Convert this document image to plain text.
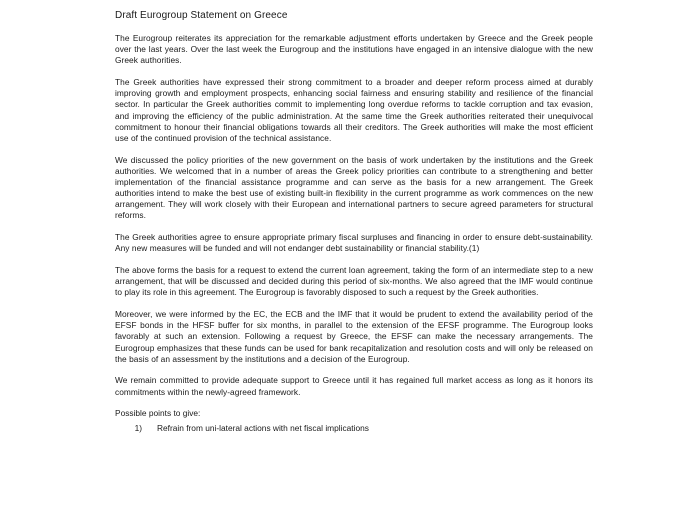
Draft Eurogroup Statement on Greece

The Eurogroup reiterates its appreciation for the remarkable adjustment efforts undertaken by Greece and the Greek people over the last years. Over the last week the Eurogroup and the institutions have engaged in an intensive dialogue with the new Greek authorities.

The Greek authorities have expressed their strong commitment to a broader and deeper reform process aimed at durably improving growth and employment prospects, enhancing social fairness and ensuring stability and resilience of the financial sector. In particular the Greek authorities commit to implementing long overdue reforms to tackle corruption and tax evasion, and improving the efficiency of the public administration. At the same time the Greek authorities reiterated their unequivocal commitment to honour their financial obligations towards all their creditors. The Greek authorities will make the most efficient use of the continued provision of the technical assistance.

We discussed the policy priorities of the new government on the basis of work undertaken by the institutions and the Greek authorities. We welcomed that in a number of areas the Greek policy priorities can contribute to a strengthening and better implementation of the financial assistance programme and can serve as the basis for a new arrangement. The Greek authorities intend to make the best use of existing built-in flexibility in the current programme as work commences on the new arrangement. They will work closely with their European and international partners to secure agreed parameters for structural reforms.

The Greek authorities agree to ensure appropriate primary fiscal surpluses and financing in order to ensure debt-sustainability. Any new measures will be funded and will not endanger debt sustainability or financial stability.(1)

The above forms the basis for a request to extend the current loan agreement, taking the form of an intermediate step to a new arrangement, that will be discussed and decided during this period of six-months. We also agreed that the IMF would continue to play its role in this agreement. The Eurogroup is favorably disposed to such a request by the Greek authorities.

Moreover, we were informed by the EC, the ECB and the IMF that it would be prudent to extend the availability period of the EFSF bonds in the HFSF buffer for six months, in parallel to the extension of the EFSF programme. The Eurogroup looks favorably at such an extension. Following a request by Greece, the EFSF can make the necessary arrangements. The Eurogroup emphasizes that these funds can be used for bank recapitalization and resolution costs and will only be released on the basis of an assessment by the institutions and a decision of the Eurogroup.

We remain committed to provide adequate support to Greece until it has regained full market access as long as it honors its commitments within the newly-agreed framework.

Possible points to give:
1)	Refrain from uni-lateral actions with net fiscal implications
